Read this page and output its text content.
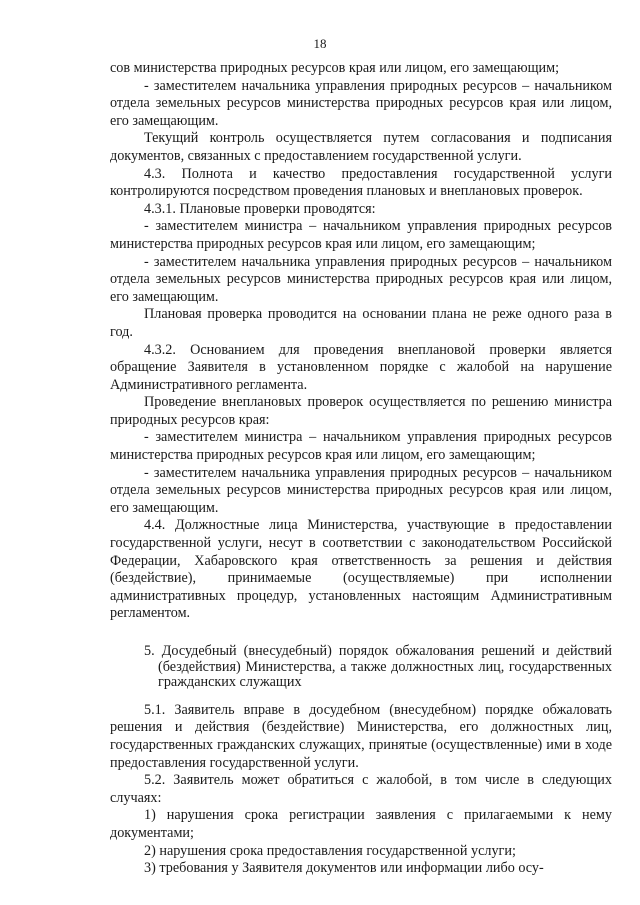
18

сов министерства природных ресурсов края или лицом, его замещающим;

- заместителем начальника управления природных ресурсов – начальником отдела земельных ресурсов министерства природных ресурсов края или лицом, его замещающим.

Текущий контроль осуществляется путем согласования и подписания документов, связанных с предоставлением государственной услуги.

4.3. Полнота и качество предоставления государственной услуги контролируются посредством проведения плановых и внеплановых проверок.

4.3.1. Плановые проверки проводятся:

- заместителем министра – начальником управления природных ресурсов министерства природных ресурсов края или лицом, его замещающим;

- заместителем начальника управления природных ресурсов – начальником отдела земельных ресурсов министерства природных ресурсов края или лицом, его замещающим.

Плановая проверка проводится на основании плана не реже одного раза в год.

4.3.2. Основанием для проведения внеплановой проверки является обращение Заявителя в установленном порядке с жалобой на нарушение Административного регламента.

Проведение внеплановых проверок осуществляется по решению министра природных ресурсов края:

- заместителем министра – начальником управления природных ресурсов министерства природных ресурсов края или лицом, его замещающим;

- заместителем начальника управления природных ресурсов – начальником отдела земельных ресурсов министерства природных ресурсов края или лицом, его замещающим.

4.4. Должностные лица Министерства, участвующие в предоставлении государственной услуги, несут в соответствии с законодательством Российской Федерации, Хабаровского края ответственность за решения и действия (бездействие), принимаемые (осуществляемые) при исполнении административных процедур, установленных настоящим Административным регламентом.

5. Досудебный (внесудебный) порядок обжалования решений и действий (бездействия) Министерства, а также должностных лиц, государственных гражданских служащих

5.1. Заявитель вправе в досудебном (внесудебном) порядке обжаловать решения и действия (бездействие) Министерства, его должностных лиц, государственных гражданских служащих, принятые (осуществленные) ими в ходе предоставления государственной услуги.

5.2. Заявитель может обратиться с жалобой, в том числе в следующих случаях:

1) нарушения срока регистрации заявления с прилагаемыми к нему документами;

2) нарушения срока предоставления государственной услуги;

3) требования у Заявителя документов или информации либо осу-
